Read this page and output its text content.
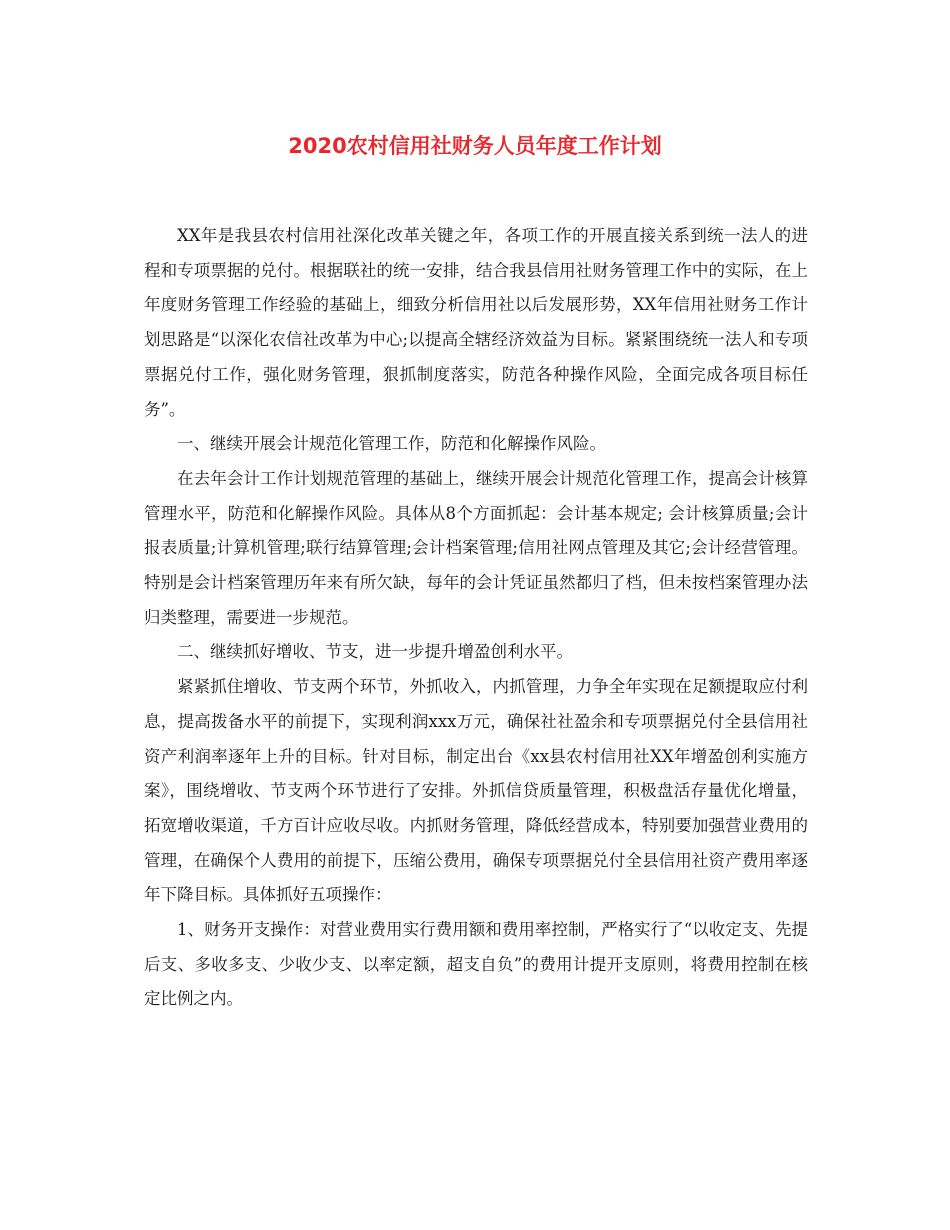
2020农村信用社财务人员年度工作计划

XX年是我县农村信用社深化改革关键之年，各项工作的开展直接关系到统一法人的进程和专项票据的兑付。根据联社的统一安排，结合我县信用社财务管理工作中的实际，在上年度财务管理工作经验的基础上，细致分析信用社以后发展形势，XX年信用社财务工作计划思路是“以深化农信社改革为中心;以提高全辖经济效益为目标。紧紧围绕统一法人和专项票据兑付工作，强化财务管理，狠抓制度落实，防范各种操作风险，全面完成各项目标任务”。

一、继续开展会计规范化管理工作，防范和化解操作风险。

在去年会计工作计划规范管理的基础上，继续开展会计规范化管理工作，提高会计核算管理水平，防范和化解操作风险。具体从8个方面抓起：会计基本规定; 会计核算质量;会计报表质量;计算机管理;联行结算管理;会计档案管理;信用社网点管理及其它;会计经营管理。特别是会计档案管理历年来有所欠缺，每年的会计凭证虽然都归了档，但未按档案管理办法归类整理，需要进一步规范。

二、继续抓好增收、节支，进一步提升增盈创利水平。

紧紧抓住增收、节支两个环节，外抓收入，内抓管理，力争全年实现在足额提取应付利息，提高拨备水平的前提下，实现利润xxx万元，确保社社盈余和专项票据兑付全县信用社资产利润率逐年上升的目标。针对目标，制定出台《xx县农村信用社XX年增盈创利实施方案》，围绕增收、节支两个环节进行了安排。外抓信贷质量管理，积极盘活存量优化增量，拓宽增收渠道，千方百计应收尽收。内抓财务管理，降低经营成本，特别要加强营业费用的管理，在确保个人费用的前提下，压缩公费用，确保专项票据兑付全县信用社资产费用率逐年下降目标。具体抓好五项操作：

1、财务开支操作：对营业费用实行费用额和费用率控制，严格实行了“以收定支、先提后支、多收多支、少收少支、以率定额，超支自负”的费用计提开支原则，将费用控制在核定比例之内。
